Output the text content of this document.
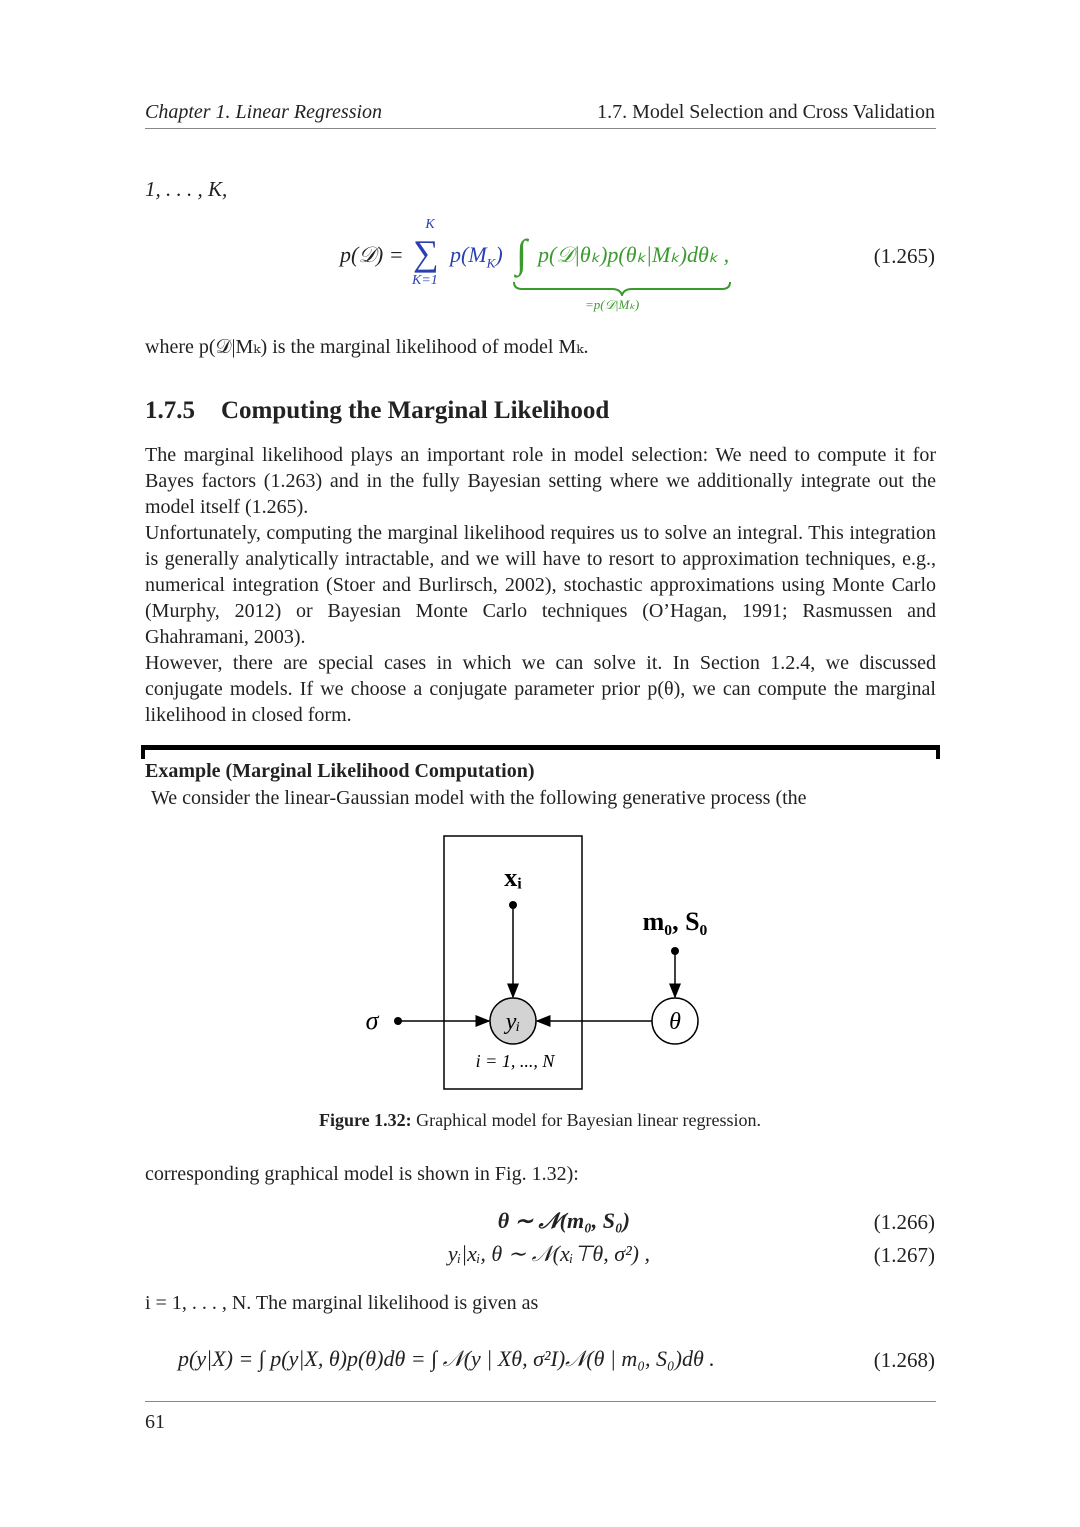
Chapter 1. Linear Regression	1.7. Model Selection and Cross Validation
1, . . . , K,
p(𝒟) =
K
∑
K=1
$p(M_K)$ ∫ p(𝒟|θₖ)p(θₖ|Mₖ)dθₖ ,
=p(𝒟|Mₖ)
(1.265)
where p(𝒟|Mₖ) is the marginal likelihood of model Mₖ.
1.7.5 Computing the Marginal Likelihood

The marginal likelihood plays an important role in model selection: We need to compute it for Bayes factors (1.263) and in the fully Bayesian setting where we additionally integrate out the model itself (1.265).

Unfortunately, computing the marginal likelihood requires us to solve an integral. This integration is generally analytically intractable, and we will have to resort to approximation techniques, e.g., numerical integration (Stoer and Burlirsch, 2002), stochastic approximations using Monte Carlo (Murphy, 2012) or Bayesian Monte Carlo techniques (O’Hagan, 1991; Rasmussen and Ghahramani, 2003).

However, there are special cases in which we can solve it. In Section 1.2.4, we discussed conjugate models. If we choose a conjugate parameter prior p(θ), we can compute the marginal likelihood in closed form.

Example (Marginal Likelihood Computation)
We consider the linear-Gaussian model with the following generative process (the
xᵢ
yᵢ
σ	θ
m₀, S₀
i = 1, ..., N
Figure 1.32: Graphical model for Bayesian linear regression.
corresponding graphical model is shown in Fig. 1.32):
θ ∼ 𝒩(m₀, S₀)	(1.266)
yᵢ|xᵢ, θ ∼ 𝒩(xᵢ⊤θ, σ²) ,	(1.267)
i = 1, . . . , N. The marginal likelihood is given as
p(y|X) = ∫ p(y|X, θ)p(θ)dθ = ∫ 𝒩(y | Xθ, σ²I)𝒩(θ | m₀, S₀)dθ .	(1.268)
61
